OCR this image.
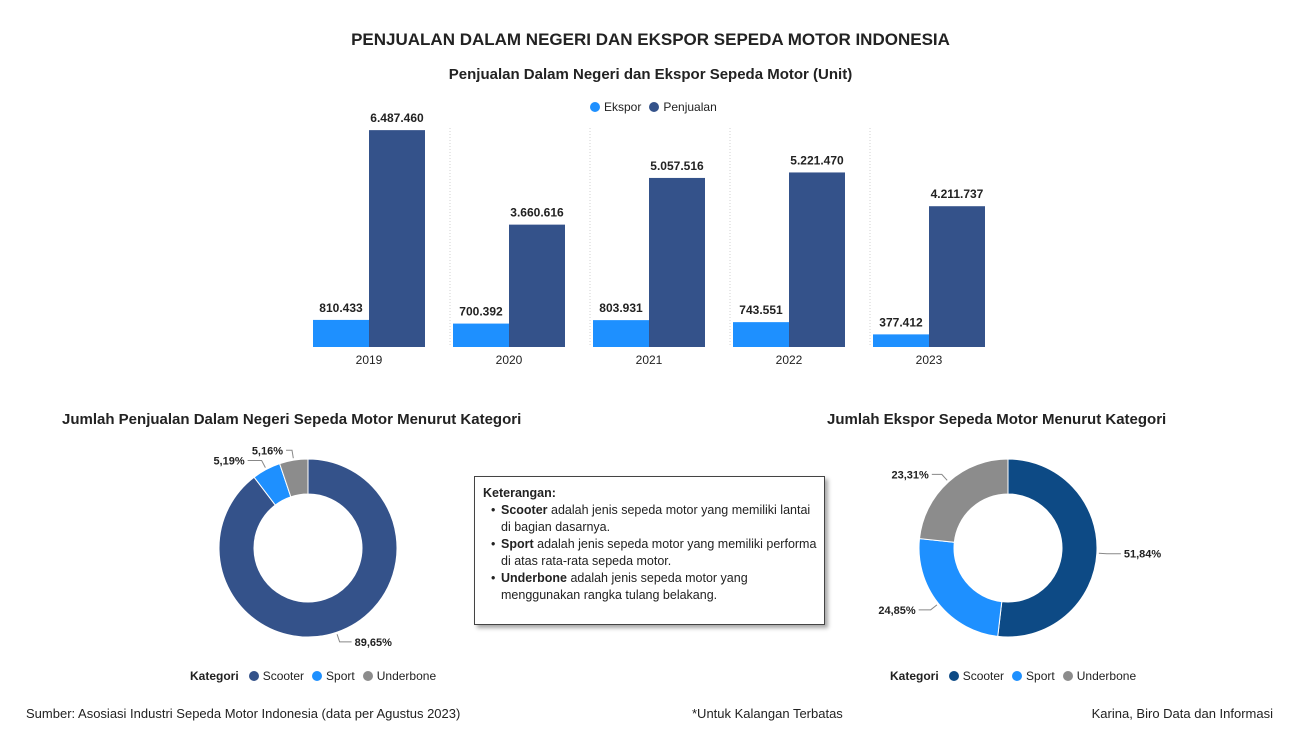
PENJUALAN DALAM NEGERI DAN EKSPOR SEPEDA MOTOR INDONESIA
Penjualan Dalam Negeri dan Ekspor Sepeda Motor (Unit)
Ekspor Penjualan
810.433
6.487.460
2019
700.392
3.660.616
2020
803.931
5.057.516
2021
743.551
5.221.470
2022
377.412
4.211.737
2023
Jumlah Penjualan Dalam Negeri Sepeda Motor Menurut Kategori	Jumlah Ekspor Sepeda Motor Menurut Kategori
89,65%
5,19%
5,16%
51,84%
24,85%
23,31%
Kategori Scooter Sport Underbone	Kategori Scooter Sport Underbone
Keterangan:
• Scooter adalah jenis sepeda motor yang memiliki lantai di bagian dasarnya.
• Sport adalah jenis sepeda motor yang memiliki performa di atas rata-rata sepeda motor.
• Underbone adalah jenis sepeda motor yang menggunakan rangka tulang belakang.
Sumber: Asosiasi Industri Sepeda Motor Indonesia (data per Agustus 2023)	*Untuk Kalangan Terbatas	Karina, Biro Data dan Informasi
